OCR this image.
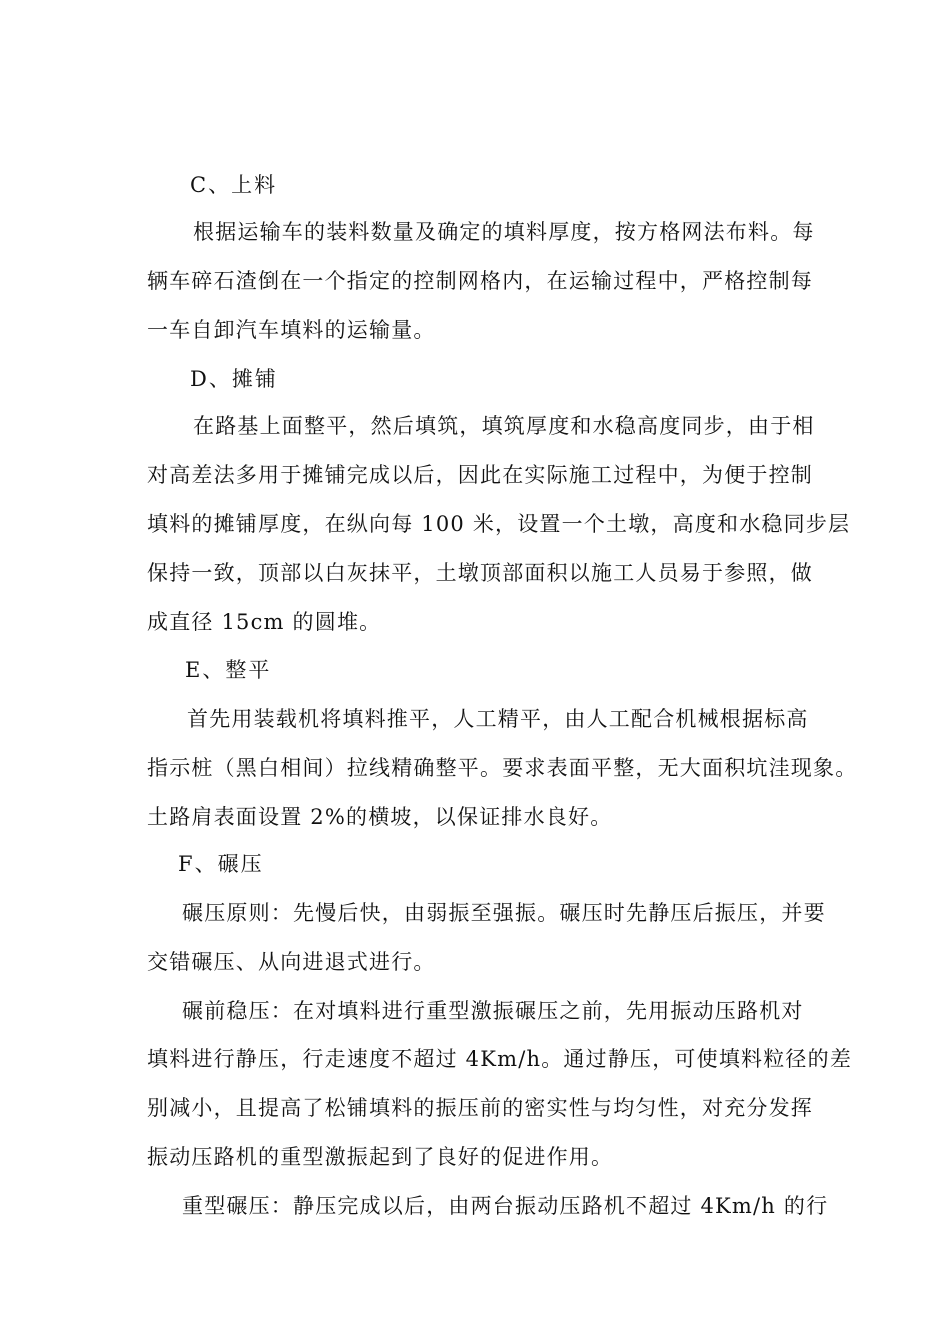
C、上料
根据运输车的装料数量及确定的填料厚度，按方格网法布料。每
辆车碎石渣倒在一个指定的控制网格内，在运输过程中，严格控制每
一车自卸汽车填料的运输量。
D、摊铺
在路基上面整平，然后填筑，填筑厚度和水稳高度同步，由于相
对高差法多用于摊铺完成以后，因此在实际施工过程中，为便于控制
填料的摊铺厚度，在纵向每 100 米，设置一个土墩，高度和水稳同步层
保持一致，顶部以白灰抹平，土墩顶部面积以施工人员易于参照，做
成直径 15cm 的圆堆。
E、整平
首先用装载机将填料推平，人工精平，由人工配合机械根据标高
指示桩（黑白相间）拉线精确整平。要求表面平整，无大面积坑洼现象。
土路肩表面设置 2%的横坡，以保证排水良好。
F、碾压
碾压原则：先慢后快，由弱振至强振。碾压时先静压后振压，并要
交错碾压、从向进退式进行。
碾前稳压：在对填料进行重型激振碾压之前，先用振动压路机对
填料进行静压，行走速度不超过 4Km/h。通过静压，可使填料粒径的差
别减小，且提高了松铺填料的振压前的密实性与均匀性，对充分发挥
振动压路机的重型激振起到了良好的促进作用。
重型碾压：静压完成以后，由两台振动压路机不超过 4Km/h 的行
